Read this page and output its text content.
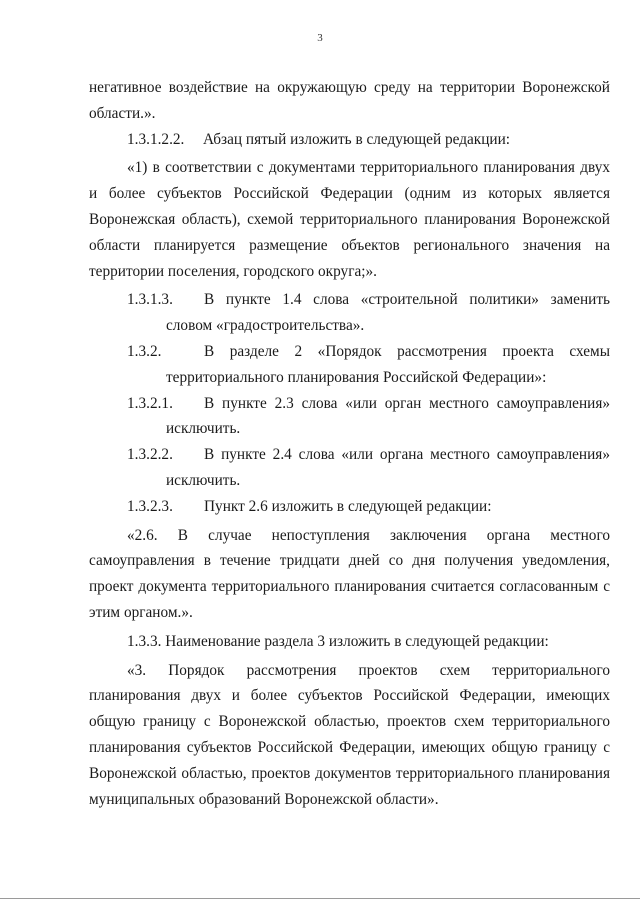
3

негативное воздействие на окружающую среду на территории Воронежской области.».

1.3.1.2.2.	Абзац пятый изложить в следующей редакции:

«1) в соответствии с документами территориального планирования двух и более субъектов Российской Федерации (одним из которых является Воронежская область), схемой территориального планирования Воронежской области планируется размещение объектов регионального значения на территории поселения, городского округа;».

1.3.1.3.	В пункте 1.4 слова «строительной политики» заменить словом «градостроительства».
1.3.2.	В разделе 2 «Порядок рассмотрения проекта схемы территориального планирования Российской Федерации»:
1.3.2.1.	В пункте 2.3 слова «или орган местного самоуправления» исключить.
1.3.2.2.	В пункте 2.4 слова «или органа местного самоуправления» исключить.
1.3.2.3.	Пункт 2.6 изложить в следующей редакции:

«2.6. В случае непоступления заключения органа местного самоуправления в течение тридцати дней со дня получения уведомления, проект документа территориального планирования считается согласованным с этим органом.».

1.3.3. Наименование раздела 3 изложить в следующей редакции:

«3. Порядок рассмотрения проектов схем территориального планирования двух и более субъектов Российской Федерации, имеющих общую границу с Воронежской областью, проектов схем территориального планирования субъектов Российской Федерации, имеющих общую границу с Воронежской областью, проектов документов территориального планирования муниципальных образований Воронежской области».
